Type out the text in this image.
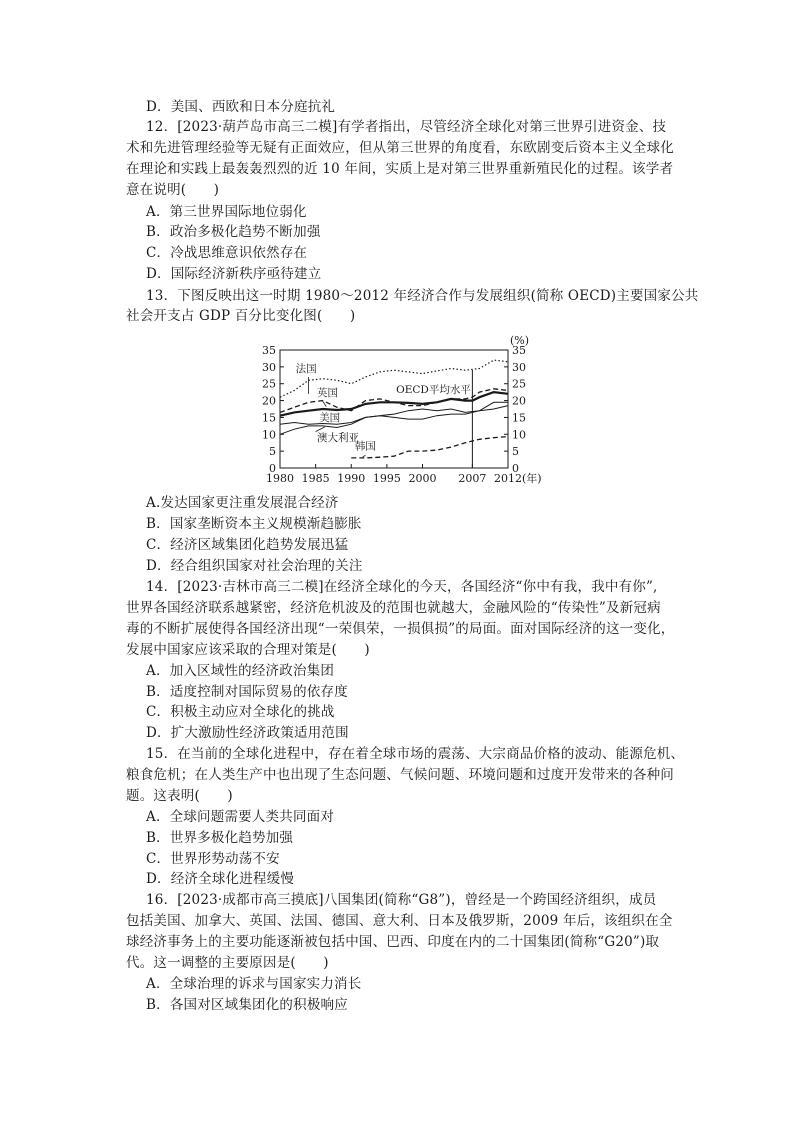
D．美国、西欧和日本分庭抗礼
12．[2023·葫芦岛市高三二模]有学者指出，尽管经济全球化对第三世界引进资金、技
术和先进管理经验等无疑有正面效应，但从第三世界的角度看，东欧剧变后资本主义全球化
在理论和实践上最轰轰烈烈的近 10 年间，实质上是对第三世界重新殖民化的过程。该学者
意在说明(　　)
A．第三世界国际地位弱化
B．政治多极化趋势不断加强
C．冷战思维意识依然存在
D．国际经济新秩序亟待建立
13．下图反映出这一时期 1980～2012 年经济合作与发展组织(简称 OECD)主要国家公共
社会开支占 GDP 百分比变化图(　　)
0	0
5	5
10	10
15	15
20	20
25	25
30	30
35	35
(%)
1980 1985 1990 1995 2000 2007 2012 (年)
法国
OECD平均水平
英国
美国
澳大利亚
韩国
A.发达国家更注重发展混合经济
B．国家垄断资本主义规模渐趋膨胀
C．经济区域集团化趋势发展迅猛
D．经合组织国家对社会治理的关注
14．[2023·吉林市高三二模]在经济全球化的今天，各国经济“你中有我，我中有你”,
世界各国经济联系越紧密，经济危机波及的范围也就越大，金融风险的“传染性”及新冠病
毒的不断扩展使得各国经济出现“一荣俱荣，一损俱损”的局面。面对国际经济的这一变化，
发展中国家应该采取的合理对策是(　　)
A．加入区域性的经济政治集团
B．适度控制对国际贸易的依存度
C．积极主动应对全球化的挑战
D．扩大激励性经济政策适用范围
15．在当前的全球化进程中，存在着全球市场的震荡、大宗商品价格的波动、能源危机、
粮食危机；在人类生产中也出现了生态问题、气候问题、环境问题和过度开发带来的各种问
题。这表明(　　)
A．全球问题需要人类共同面对
B．世界多极化趋势加强
C．世界形势动荡不安
D．经济全球化进程缓慢
16．[2023·成都市高三摸底]八国集团(简称“G8”)，曾经是一个跨国经济组织，成员
包括美国、加拿大、英国、法国、德国、意大利、日本及俄罗斯，2009 年后，该组织在全
球经济事务上的主要功能逐渐被包括中国、巴西、印度在内的二十国集团(简称“G20”)取
代。这一调整的主要原因是(　　)
A．全球治理的诉求与国家实力消长
B．各国对区域集团化的积极响应
